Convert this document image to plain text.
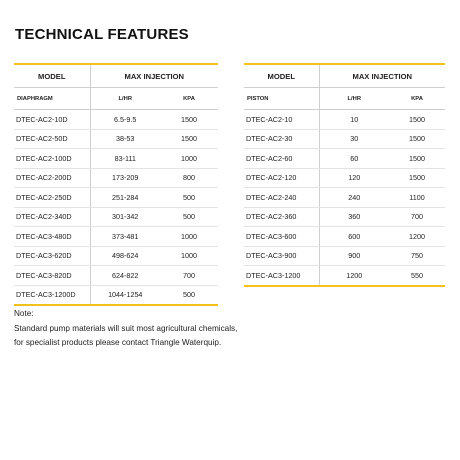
TECHNICAL FEATURES
MODEL	MAX INJECTION	
DIAPHRAGM	L/HR	KPA
DTEC-AC2-10D	6.5-9.5	1500
DTEC-AC2-50D	38-53	1500
DTEC-AC2-100D	83-111	1000
DTEC-AC2-200D	173-209	800
DTEC-AC2-250D	251-284	500
DTEC-AC2-340D	301-342	500
DTEC-AC3-480D	373-481	1000
DTEC-AC3-620D	498-624	1000
DTEC-AC3-820D	624-822	700
DTEC-AC3-1200D	1044-1254	500
MODEL	MAX INJECTION	
PISTON	L/HR	KPA
DTEC-AC2-10	10	1500
DTEC-AC2-30	30	1500
DTEC-AC2-60	60	1500
DTEC-AC2-120	120	1500
DTEC-AC2-240	240	1100
DTEC-AC2-360	360	700
DTEC-AC3-600	600	1200
DTEC-AC3-900	900	750
DTEC-AC3-1200	1200	550
Note:
Standard pump materials will suit most agricultural chemicals,
for specialist products please contact Triangle Waterquip.
